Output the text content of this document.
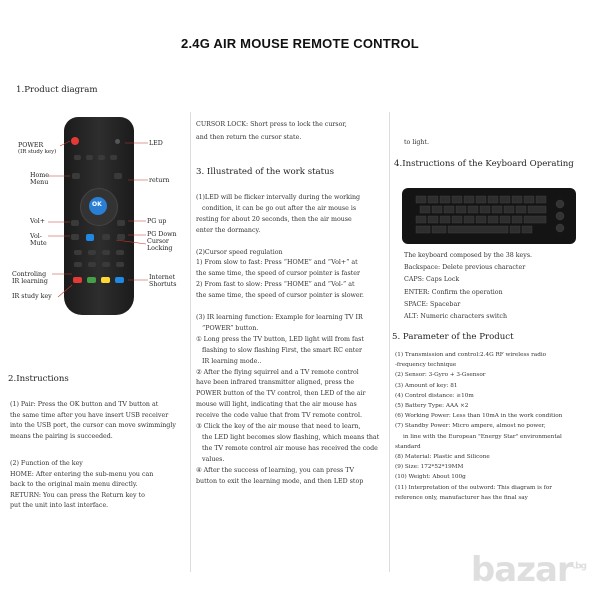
2.4G AIR MOUSE REMOTE CONTROL
1.Product diagram
OK
POWER
(IR study key)
Home
Menu
Vol+
Vol-
Mute
Controling
IR learning
IR study key
LED
return
PG up
PG Down
Cursor
Locking
Internet
Shortuts
2.Instructions

(1) Pair: Press the OK button and TV button at

the same time after you have insert USB receiver

into the USB port, the cursor can move swimmingly

means the pairing is succeeded.

(2) Function of the key

HOME: After entering the sub-menu you can

back to the original main menu directly.

RETURN: You can press the Return key to

put the unit into last interface.

CURSOR LOCK: Short press to lock the cursor,

and then return the cursor state.

3. Illustrated of the work status

(1)LED will be flicker intervally during the working

condition, it can be go out after the air mouse is

resting for about 20 seconds, then the air mouse

enter the dormancy.

(2)Cursor speed regulation

1) From slow to fast: Press “HOME” and “Vol+” at

the same time, the speed of cursor pointer is faster

2) From fast to slow: Press “HOME” and “Vol-” at

the same time, the speed of cursor pointer is slower.

(3) IR learning function: Example for learning TV IR

“POWER” button.

① Long press the TV button, LED light will from fast

flashing to slow flashing First, the smart RC enter

IR learning mode..

② After the flying squirrel and a TV remote control

have been infrared transmitter aligned, press the

POWER button of the TV control, then LED of the air

mouse will light, indicating that the air mouse has

receive the code value that from TV remote control.

③ Click the key of the air mouse that need to learn,

the LED light becomes slow flashing, which means that

the TV remote control air mouse has received the code

values.

④ After the success of learning, you can press TV

button to exit the learning mode, and then LED stop

to light.
4.Instructions of the Keyboard Operating

The keyboard composed by the 38 keys.

Backspace: Delete previous character

CAPS: Caps Lock

ENTER: Confirm the operation

SPACE: Spacebar

ALT: Numeric characters switch

5. Parameter of the Product

(1) Transmission and control:2.4G RF wireless radio

-frequency technique

(2) Sensor: 3-Gyro + 3-Gsensor

(3) Amount of key: 81

(4) Control distance: ≥10m

(5) Battery Type: AAA ×2

(6) Working Power: Less than 10mA in the work condition

(7) Standby Power: Micro ampere, almost no power,

in line with the European "Energy Star" environmental

standard

(8) Material: Plastic and Silicone

(9) Size: 172*52*19MM

(10) Weight: About 100g

(11) Interpretation of the outword: This diagram is for

reference only, manufacturer has the final say

bazar$^{.bg}$
